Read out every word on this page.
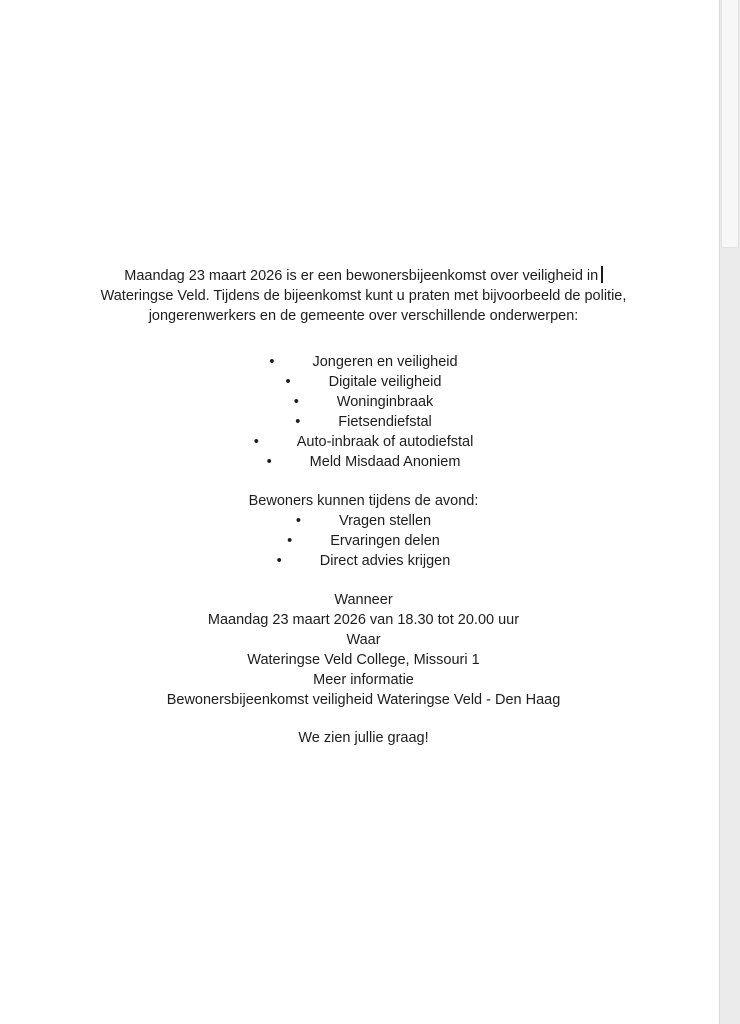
Maandag 23 maart 2026 is er een bewonersbijeenkomst over veiligheid in
Wateringse Veld. Tijdens de bijeenkomst kunt u praten met bijvoorbeeld de politie,
jongerenwerkers en de gemeente over verschillende onderwerpen:
•	Jongeren en veiligheid
•	Digitale veiligheid
•	Woninginbraak
•	Fietsendiefstal
•	Auto-inbraak of autodiefstal
•	Meld Misdaad Anoniem
Bewoners kunnen tijdens de avond:
•	Vragen stellen
•	Ervaringen delen
•	Direct advies krijgen
Wanneer
Maandag 23 maart 2026 van 18.30 tot 20.00 uur
Waar
Wateringse Veld College, Missouri 1
Meer informatie
Bewonersbijeenkomst veiligheid Wateringse Veld - Den Haag
We zien jullie graag!
